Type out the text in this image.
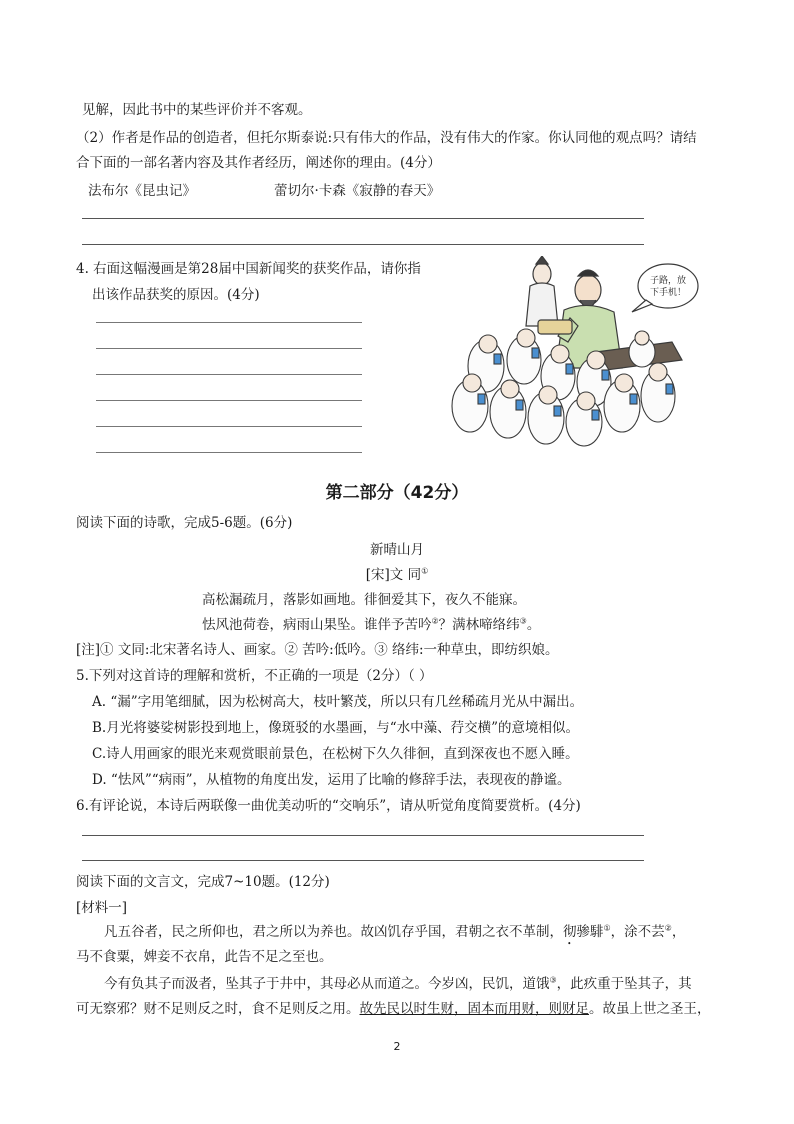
见解，因此书中的某些评价并不客观。
（2）作者是作品的创造者，但托尔斯泰说:只有伟大的作品，没有伟大的作家。你认同他的观点吗？请结
合下面的一部名著内容及其作者经历，阐述你的理由。(4分）
法布尔《昆虫记》	蕾切尔·卡森《寂静的春天》
4. 右面这幅漫画是第28届中国新闻奖的获奖作品，请你指
出该作品获奖的原因。(4分)
子路，放
下手机！
第二部分（42分）
阅读下面的诗歌，完成5-6题。(6分)
新晴山月
[宋]文 同①
高松漏疏月，落影如画地。徘徊爱其下，夜久不能寐。
怯风池荷卷，病雨山果坠。谁伴予苦吟②？满林啼络纬③。
[注]① 文同:北宋著名诗人、画家。② 苦吟:低吟。③ 络纬:一种草虫，即纺织娘。
5.下列对这首诗的理解和赏析，不正确的一项是（2分）（ ）
A. “漏”字用笔细腻，因为松树高大，枝叶繁茂，所以只有几丝稀疏月光从中漏出。
B.月光将婆娑树影投到地上，像斑驳的水墨画，与“水中藻、荇交横”的意境相似。
C.诗人用画家的眼光来观赏眼前景色，在松树下久久徘徊，直到深夜也不愿入睡。
D. “怯风”“病雨”，从植物的角度出发，运用了比喻的修辞手法，表现夜的静谧。
6.有评论说，本诗后两联像一曲优美动听的“交响乐”，请从听觉角度简要赏析。(4分)
阅读下面的文言文，完成7~10题。(12分)
[材料一]
凡五谷者，民之所仰也，君之所以为养也。故凶饥存乎国，君朝之衣不革制，彻骖騑①，涂不芸②，
马不食粟，婢妾不衣帛，此告不足之至也。
今有负其子而汲者，坠其子于井中，其母必从而道之。今岁凶，民饥，道饿③，此疚重于坠其子，其
可无察邪？财不足则反之时，食不足则反之用。故先民以时生财，固本而用财，则财足。故虽上世之圣王，
2
